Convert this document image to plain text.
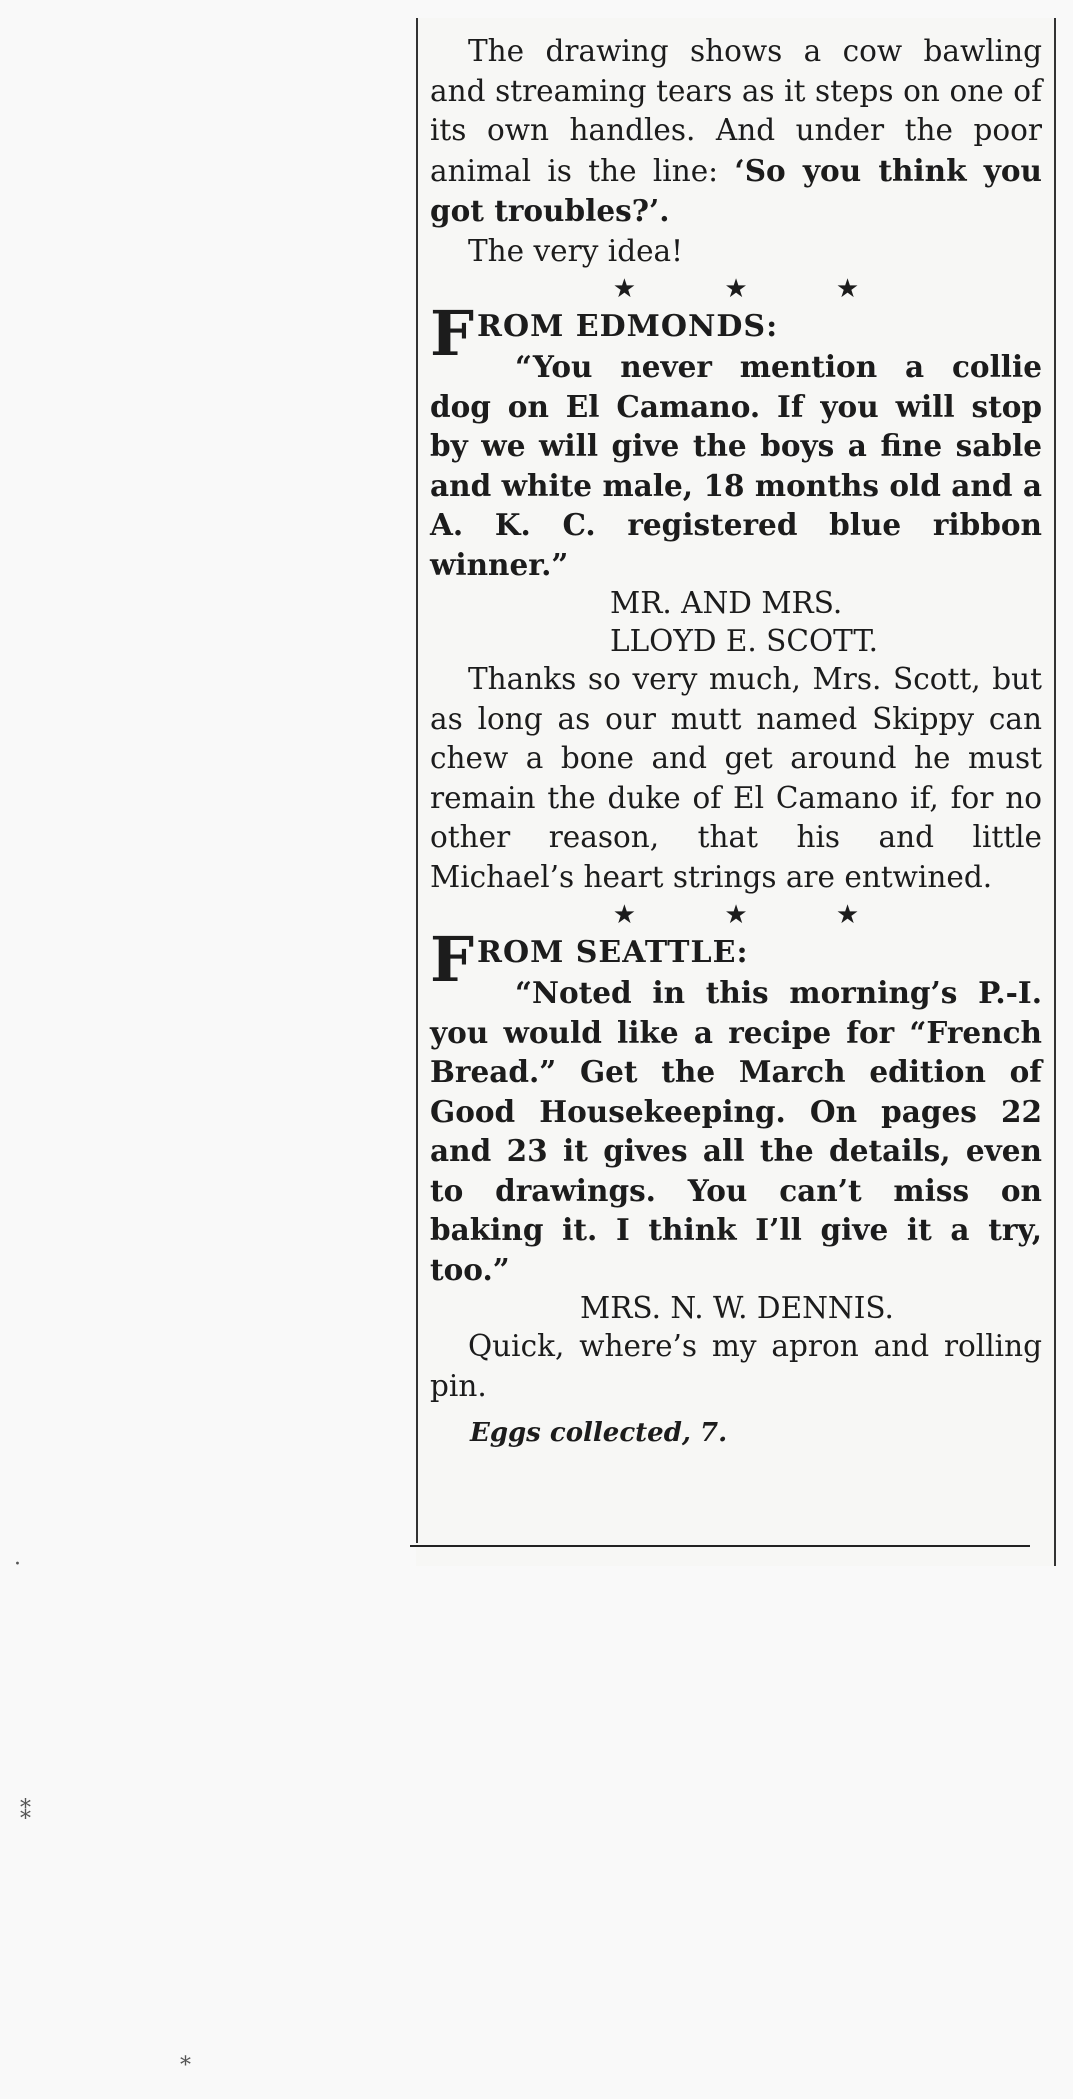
The drawing shows a cow bawling and streaming tears as it steps on one of its own handles. And under the poor animal is the line: ‘So you think you got troubles?’.

The very idea!

★ ★ ★

FROM EDMONDS:

“You never mention a collie dog on El Camano. If you will stop by we will give the boys a fine sable and white male, 18 months old and a A. K. C. registered blue ribbon winner.”

MR. AND MRS.

LLOYD E. SCOTT.

Thanks so very much, Mrs. Scott, but as long as our mutt named Skippy can chew a bone and get around he must remain the duke of El Camano if, for no other reason, that his and little Michael’s heart strings are entwined.

★ ★ ★

FROM SEATTLE:

“Noted in this morning’s P.-I. you would like a recipe for “French Bread.” Get the March edition of Good Housekeeping. On pages 22 and 23 it gives all the details, even to drawings. You can’t miss on baking it. I think I’ll give it a try, too.”

MRS. N. W. DENNIS.

Quick, where’s my apron and rolling pin.

Eggs collected, 7.

·
⁑
⁎
